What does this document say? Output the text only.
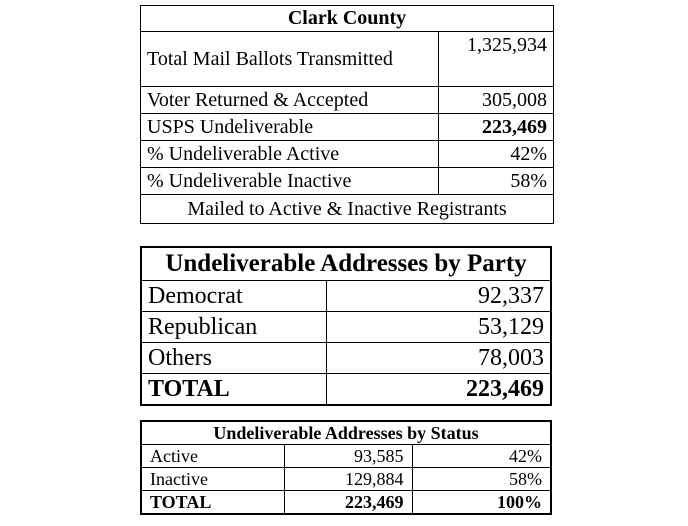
Clark County	
Total Mail Ballots Transmitted	1,325,934
Voter Returned & Accepted	305,008
USPS Undeliverable	223,469
% Undeliverable Active	42%
% Undeliverable Inactive	58%
Mailed to Active & Inactive Registrants	
Undeliverable Addresses by Party	
Democrat	92,337
Republican	53,129
Others	78,003
TOTAL	223,469
Undeliverable Addresses by Status		
Active	93,585	42%
Inactive	129,884	58%
TOTAL	223,469	100%
